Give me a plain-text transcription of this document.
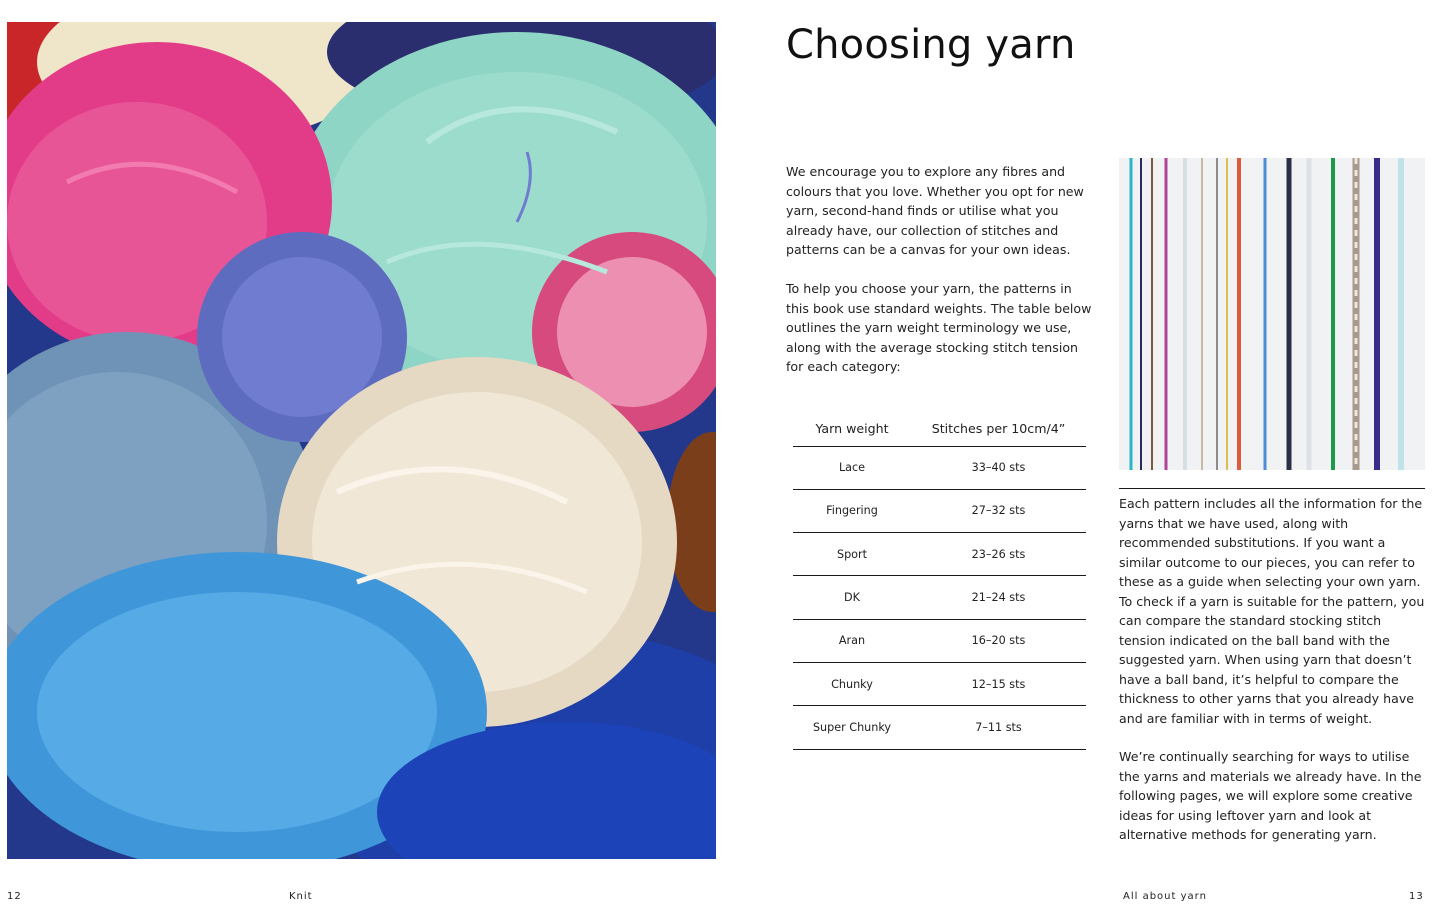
Choosing yarn

We encourage you to explore any fibres and colours that you love. Whether you opt for new yarn, second-hand finds or utilise what you already have, our collection of stitches and patterns can be a canvas for your own ideas.

To help you choose your yarn, the patterns in this book use standard weights. The table below outlines the yarn weight terminology we use, along with the average stocking stitch tension for each category:

Yarn weight	Stitches per 10cm/4”
Lace	33–40 sts
Fingering	27–32 sts
Sport	23–26 sts
DK	21–24 sts
Aran	16–20 sts
Chunky	12–15 sts
Super Chunky	7–11 sts

Each pattern includes all the information for the yarns that we have used, along with recommended substitutions. If you want a similar outcome to our pieces, you can refer to these as a guide when selecting your own yarn. To check if a yarn is suitable for the pattern, you can compare the standard stocking stitch tension indicated on the ball band with the suggested yarn. When using yarn that doesn’t have a ball band, it’s helpful to compare the thickness to other yarns that you already have and are familiar with in terms of weight.

We’re continually searching for ways to utilise the yarns and materials we already have. In the following pages, we will explore some creative ideas for using leftover yarn and look at alternative methods for generating yarn.

12	Knit	All about yarn	13
